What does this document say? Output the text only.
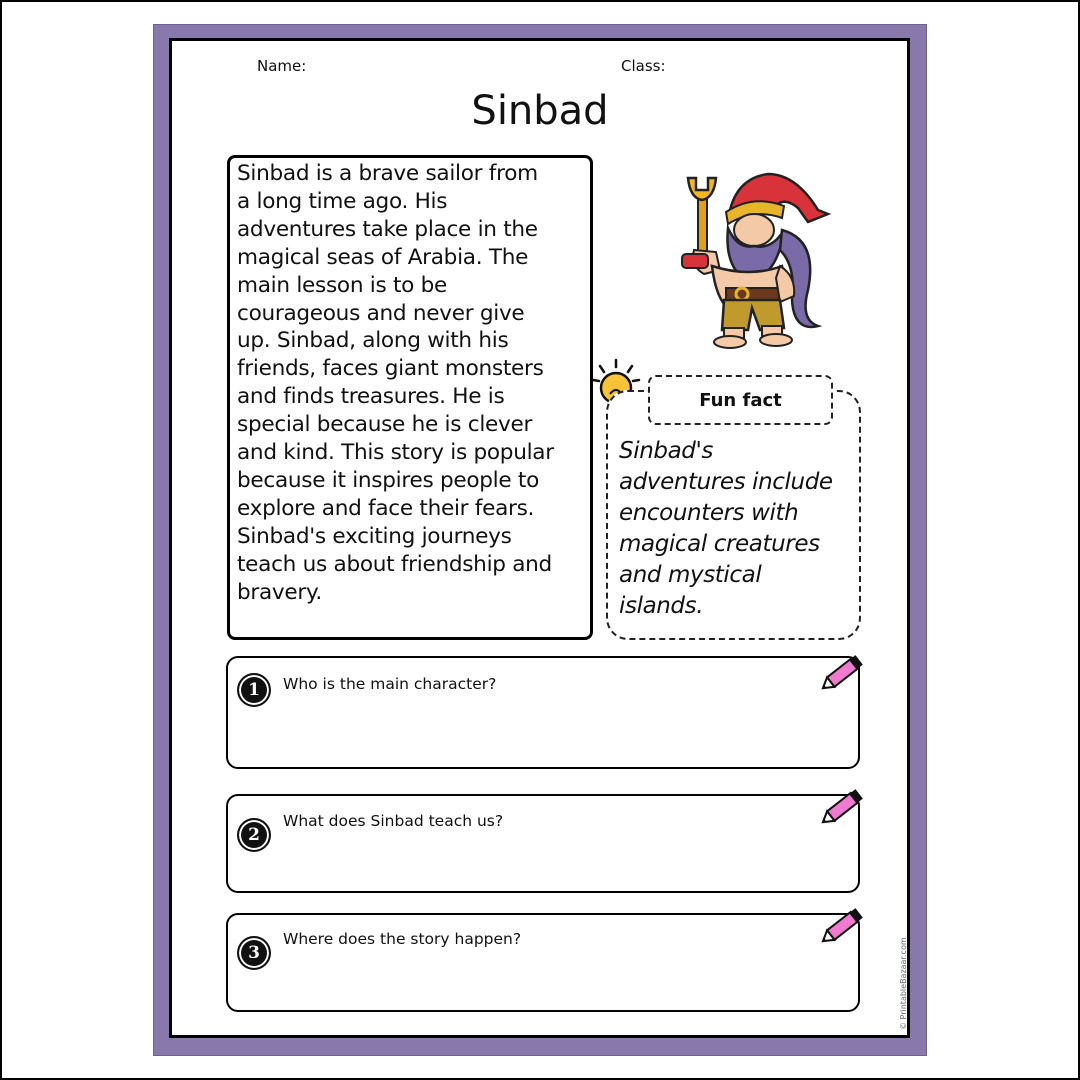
Name:	Class:
Sinbad
Sinbad is a brave sailor from
a long time ago. His
adventures take place in the
magical seas of Arabia. The
main lesson is to be
courageous and never give
up. Sinbad, along with his
friends, faces giant monsters
and finds treasures. He is
special because he is clever
and kind. This story is popular
because it inspires people to
explore and face their fears.
Sinbad's exciting journeys
teach us about friendship and
bravery.
Fun fact
Sinbad's
adventures include
encounters with
magical creatures
and mystical
islands.
1	Who is the main character?
2
What does Sinbad teach us?
3
Where does the story happen?	© PrintableBazaar.com
